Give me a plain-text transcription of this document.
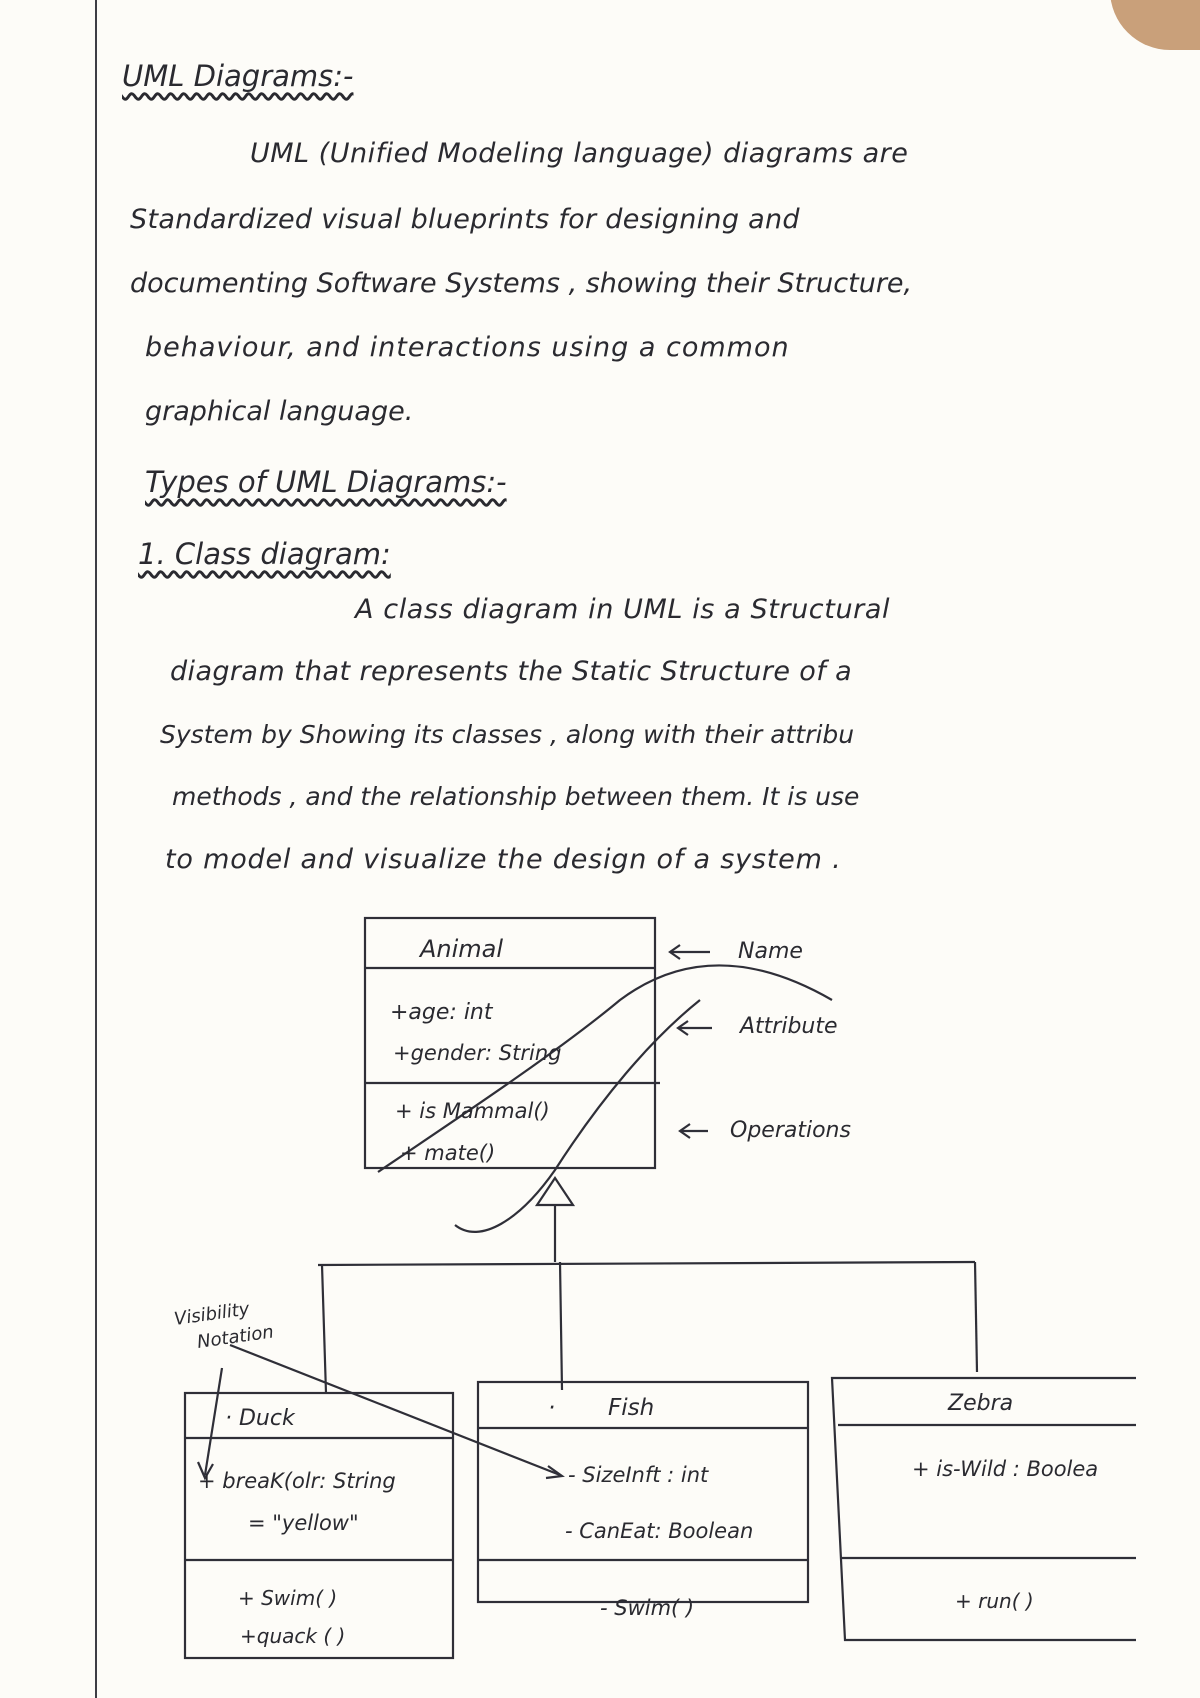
UML Diagrams:-
UML (Unified Modeling language) diagrams are
Standardized visual blueprints for designing and
documenting Software Systems , showing their Structure,
behaviour, and interactions using a common
graphical language.
Types of UML Diagrams:-
1. Class diagram:
A class diagram in UML is a Structural
diagram that represents the Static Structure of a
System by Showing its classes , along with their attribu
methods , and the relationship between them. It is use
to model and visualize the design of a system .
Animal
+age: int
+gender: String
+ is Mammal()
+ mate()
Name
Attribute
Operations
Visibility
Notation
· Duck
+ breaK(olr: String
= "yellow"
+ Swim( )
+quack ( )
· Fish
- SizeInft : int
- CanEat: Boolean
- Swim( )
Zebra
+ is-Wild : Boolea
+ run( )
